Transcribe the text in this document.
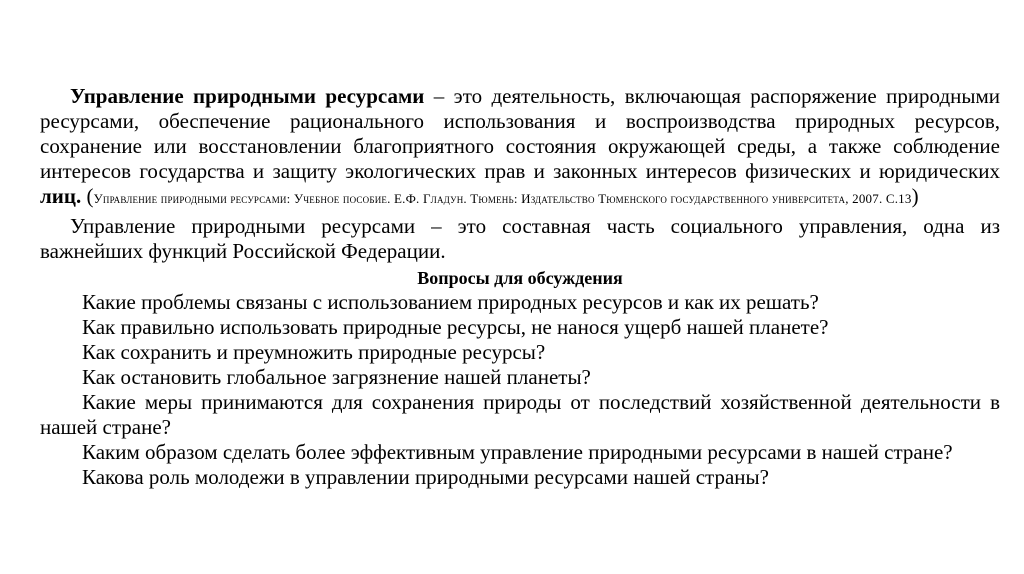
Управление природными ресурсами – это деятельность, включающая распоряжение природными ресурсами, обеспечение рационального использования и воспроизводства природных ресурсов, сохранение или восстановлении благоприятного состояния окружающей среды, а также соблюдение интересов государства и защиту экологических прав и законных интересов физических и юридических лиц. (Управление природными ресурсами: Учебное пособие. Е.Ф. Гладун. Тюмень: Издательство Тюменского государственного университета, 2007. С.13)

Управление природными ресурсами – это составная часть социального управления, одна из важнейших функций Российской Федерации.

Вопросы для обсуждения

Какие проблемы связаны с использованием природных ресурсов и как их решать?

Как правильно использовать природные ресурсы, не нанося ущерб нашей планете?

Как сохранить и преумножить природные ресурсы?

Как остановить глобальное загрязнение нашей планеты?

Какие меры принимаются для сохранения природы от последствий хозяйственной деятельности в нашей стране?

Каким образом сделать более эффективным управление природными ресурсами в нашей стране?

Какова роль молодежи в управлении природными ресурсами нашей страны?
